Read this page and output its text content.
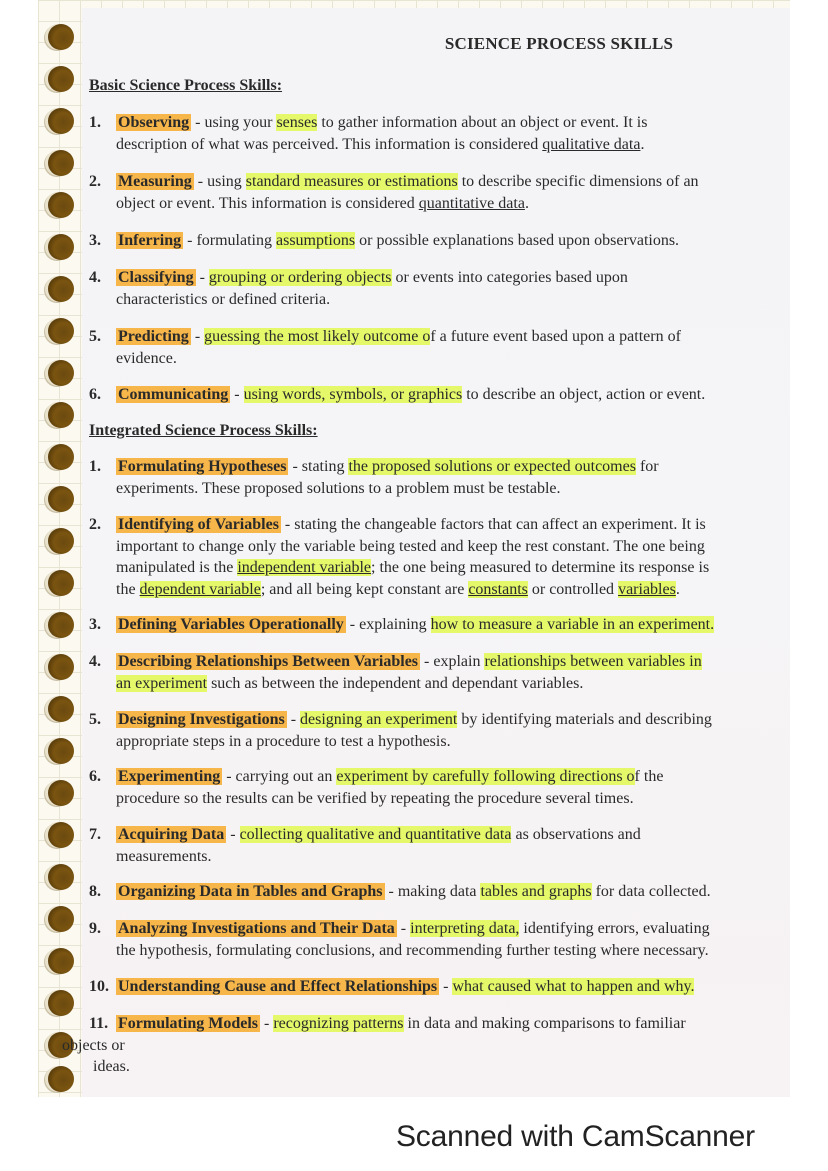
SCIENCE PROCESS SKILLS
Basic Science Process Skills:
1. Observing - using your senses to gather information about an object or event. It is
description of what was perceived. This information is considered qualitative data.
2. Measuring - using standard measures or estimations to describe specific dimensions of an
object or event. This information is considered quantitative data.
3. Inferring - formulating assumptions or possible explanations based upon observations.
4. Classifying - grouping or ordering objects or events into categories based upon
characteristics or defined criteria.
5. Predicting - guessing the most likely outcome of a future event based upon a pattern of
evidence.
6. Communicating - using words, symbols, or graphics to describe an object, action or event.
Integrated Science Process Skills:
1. Formulating Hypotheses - stating the proposed solutions or expected outcomes for
experiments. These proposed solutions to a problem must be testable.
2. Identifying of Variables - stating the changeable factors that can affect an experiment. It is
important to change only the variable being tested and keep the rest constant. The one being
manipulated is the independent variable; the one being measured to determine its response is
the dependent variable; and all being kept constant are constants or controlled variables.
3. Defining Variables Operationally - explaining how to measure a variable in an experiment.
4. Describing Relationships Between Variables - explain relationships between variables in
an experiment such as between the independent and dependant variables.
5. Designing Investigations - designing an experiment by identifying materials and describing
appropriate steps in a procedure to test a hypothesis.
6. Experimenting - carrying out an experiment by carefully following directions of the
procedure so the results can be verified by repeating the procedure several times.
7. Acquiring Data - collecting qualitative and quantitative data as observations and
measurements.
8. Organizing Data in Tables and Graphs - making data tables and graphs for data collected.
9. Analyzing Investigations and Their Data - interpreting data, identifying errors, evaluating
the hypothesis, formulating conclusions, and recommending further testing where necessary.
10. Understanding Cause and Effect Relationships - what caused what to happen and why.
11. Formulating Models - recognizing patterns in data and making comparisons to familiar
objects or
ideas.
Scanned with CamScanner
